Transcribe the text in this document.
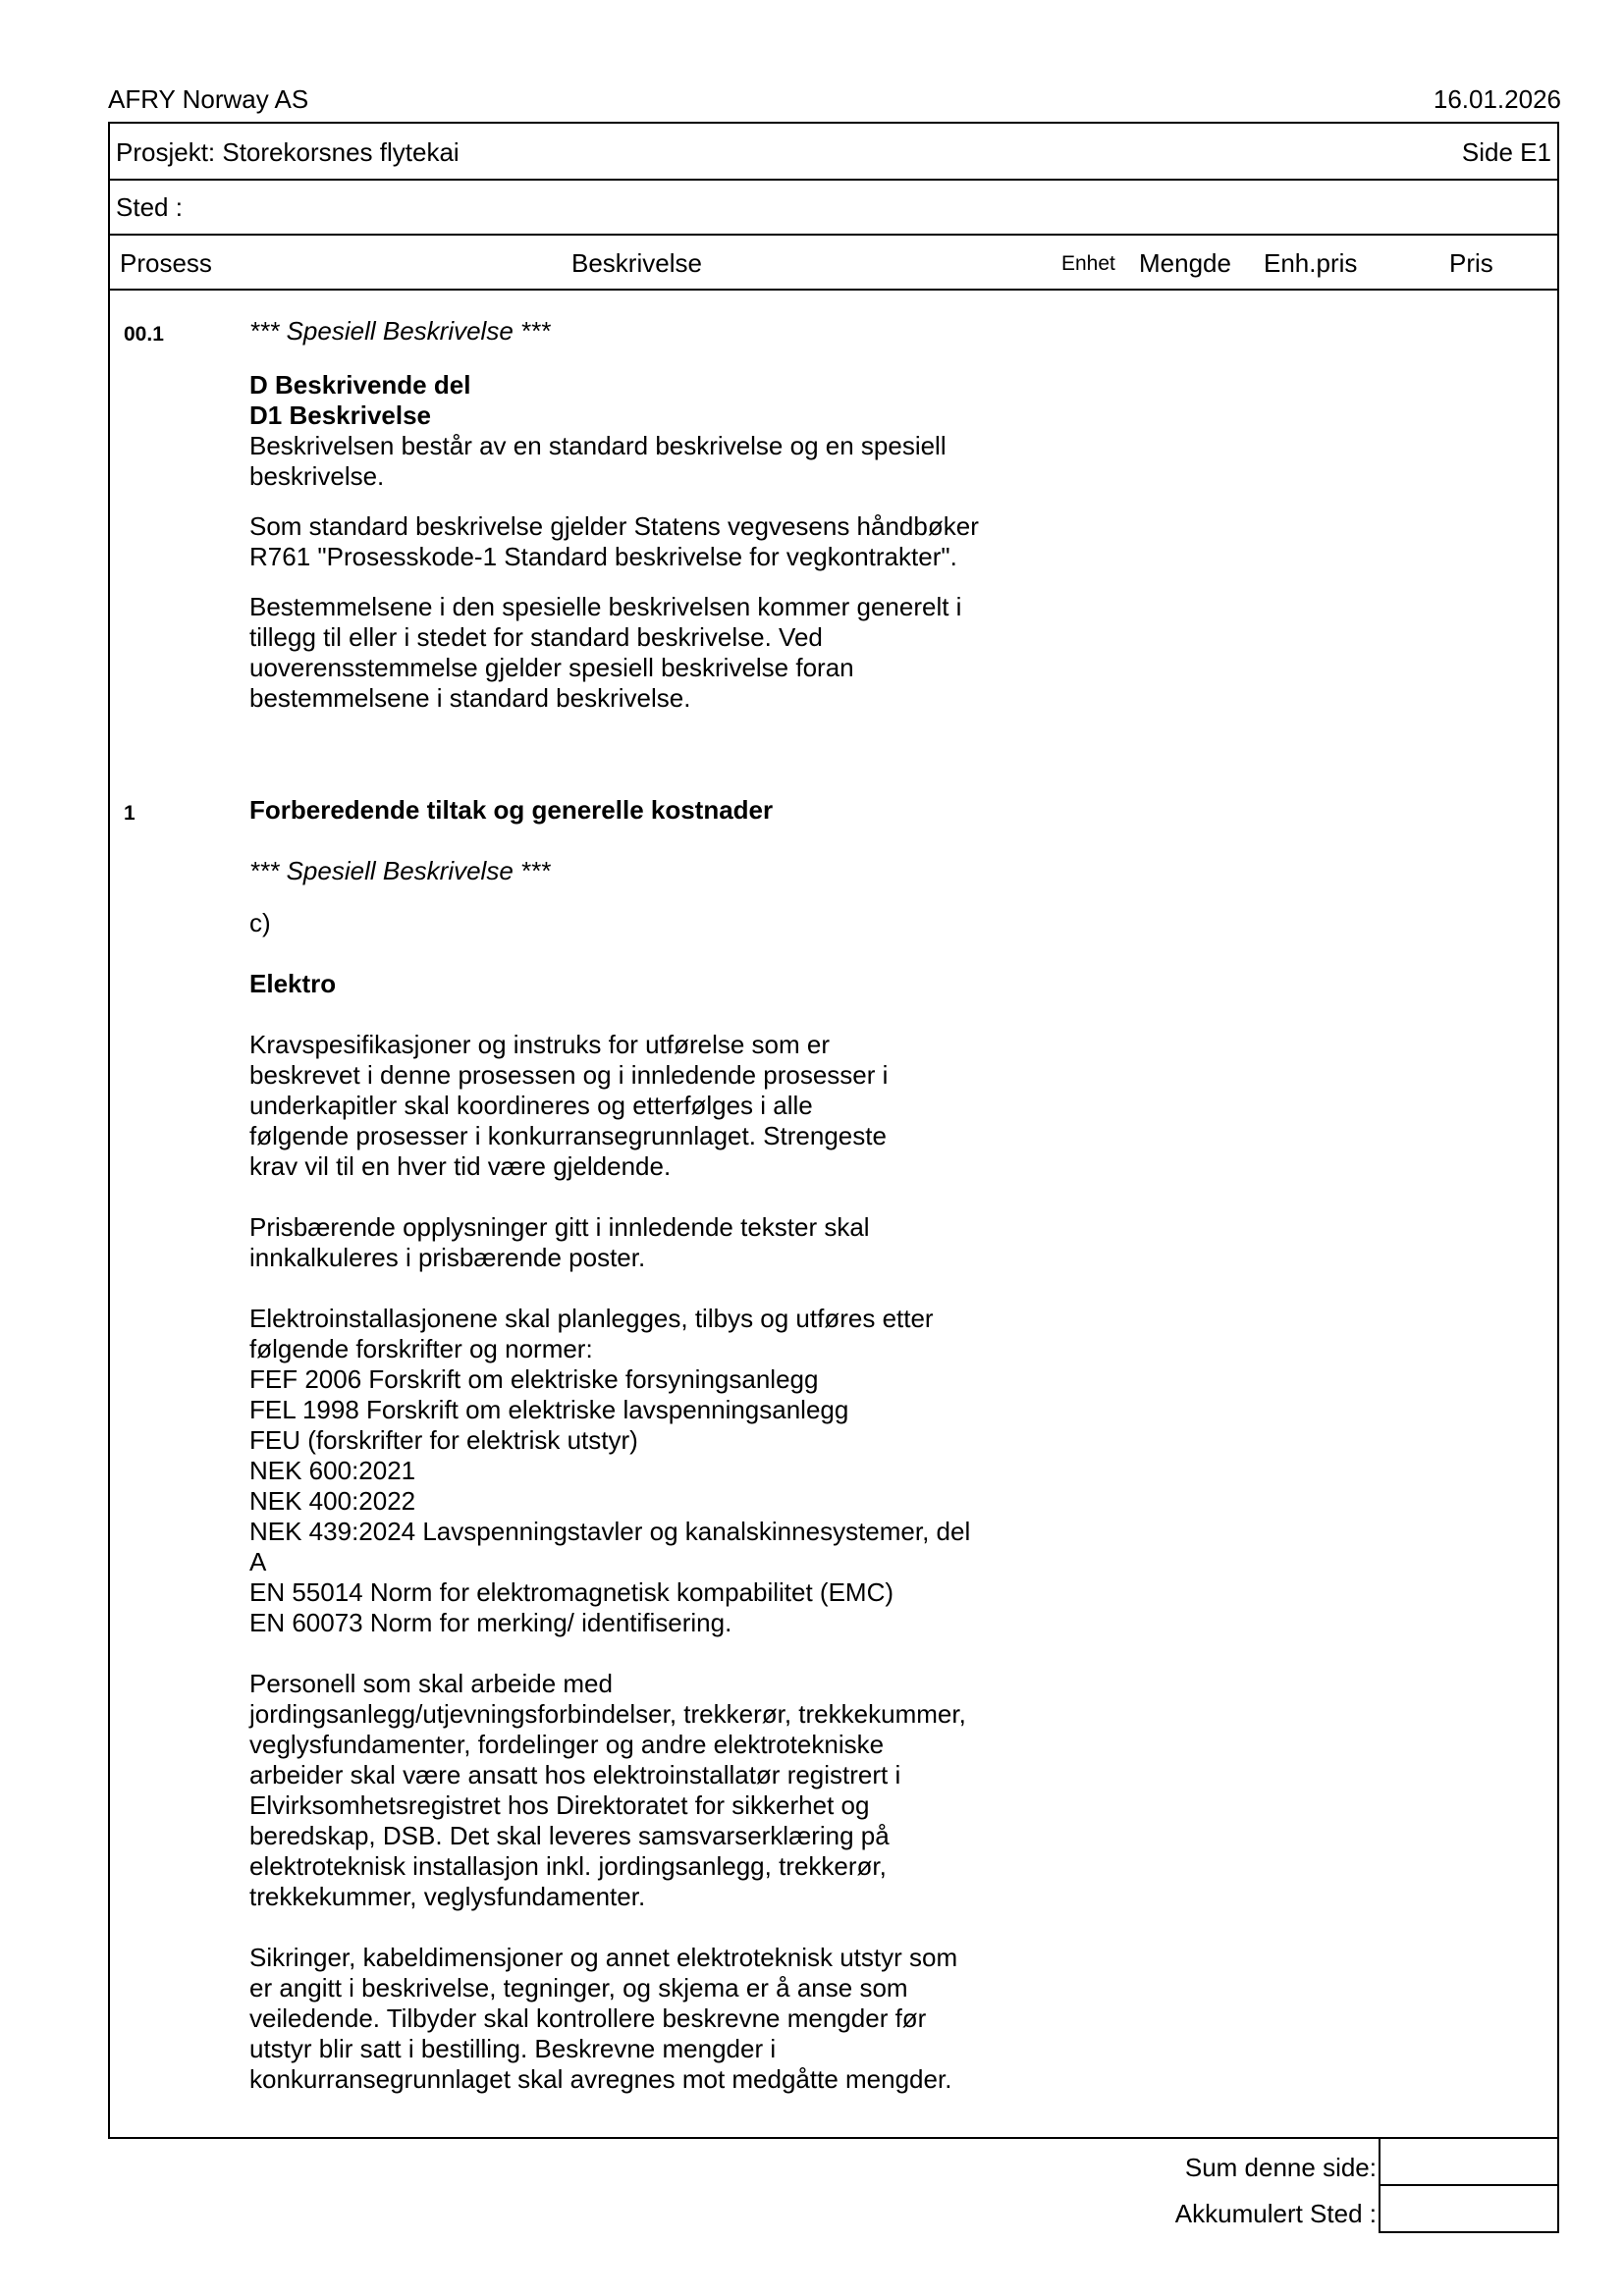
AFRY Norway AS	16.01.2026
Prosjekt: Storekorsnes flytekai	Side E1
Sted :
Prosess	Beskrivelse	Enhet Mengde Enh.pris	Pris
00.1	*** Spesiell Beskrivelse ***

D Beskrivende del

D1 Beskrivelse

Beskrivelsen består av en standard beskrivelse og en spesiell

beskrivelse.

Som standard beskrivelse gjelder Statens vegvesens håndbøker

R761 "Prosesskode-1 Standard beskrivelse for vegkontrakter".

Bestemmelsene i den spesielle beskrivelsen kommer generelt i

tillegg til eller i stedet for standard beskrivelse. Ved

uoverensstemmelse gjelder spesiell beskrivelse foran

bestemmelsene i standard beskrivelse.

1	Forberedende tiltak og generelle kostnader

*** Spesiell Beskrivelse ***

c)

Elektro

Kravspesifikasjoner og instruks for utførelse som er

beskrevet i denne prosessen og i innledende prosesser i

underkapitler skal koordineres og etterfølges i alle

følgende prosesser i konkurransegrunnlaget. Strengeste

krav vil til en hver tid være gjeldende.

Prisbærende opplysninger gitt i innledende tekster skal

innkalkuleres i prisbærende poster.

Elektroinstallasjonene skal planlegges, tilbys og utføres etter

følgende forskrifter og normer:

FEF 2006 Forskrift om elektriske forsyningsanlegg

FEL 1998 Forskrift om elektriske lavspenningsanlegg

FEU (forskrifter for elektrisk utstyr)

NEK 600:2021

NEK 400:2022

NEK 439:2024 Lavspenningstavler og kanalskinnesystemer, del

A

EN 55014 Norm for elektromagnetisk kompabilitet (EMC)

EN 60073 Norm for merking/ identifisering.

Personell som skal arbeide med

jordingsanlegg/utjevningsforbindelser, trekkerør, trekkekummer,

veglysfundamenter, fordelinger og andre elektrotekniske

arbeider skal være ansatt hos elektroinstallatør registrert i

Elvirksomhetsregistret hos Direktoratet for sikkerhet og

beredskap, DSB. Det skal leveres samsvarserklæring på

elektroteknisk installasjon inkl. jordingsanlegg, trekkerør,

trekkekummer, veglysfundamenter.

Sikringer, kabeldimensjoner og annet elektroteknisk utstyr som

er angitt i beskrivelse, tegninger, og skjema er å anse som

veiledende. Tilbyder skal kontrollere beskrevne mengder før

utstyr blir satt i bestilling. Beskrevne mengder i

konkurransegrunnlaget skal avregnes mot medgåtte mengder.

Sum denne side:
Akkumulert Sted :
